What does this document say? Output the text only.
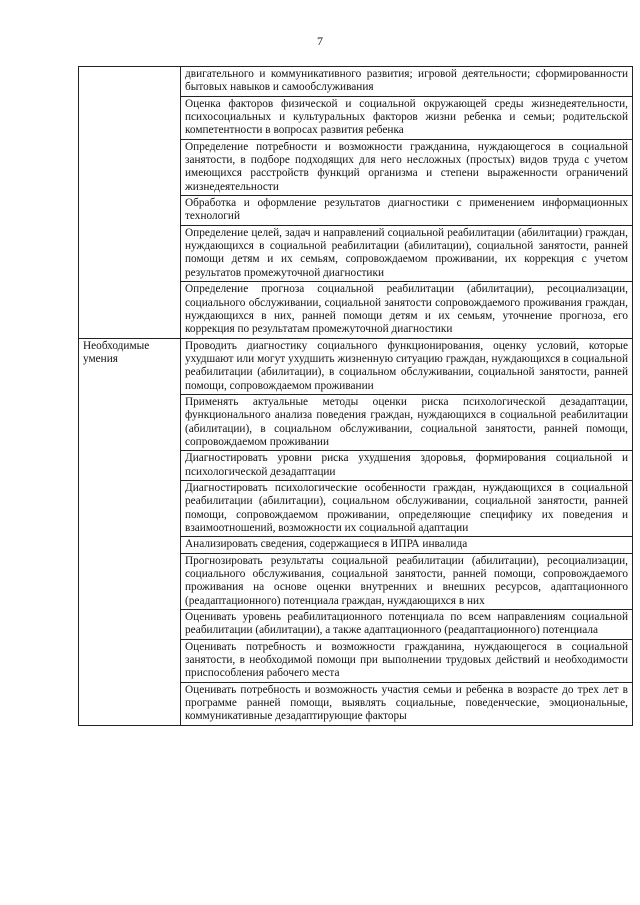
7
	двигательного и коммуникативного развития; игровой деятельности; сформированности бытовых навыков и самообслуживания
	Оценка факторов физической и социальной окружающей среды жизнедеятельности, психосоциальных и культуральных факторов жизни ребенка и семьи; родительской компетентности в вопросах развития ребенка
	Определение потребности и возможности гражданина, нуждающегося в социальной занятости, в подборе подходящих для него несложных (простых) видов труда с учетом имеющихся расстройств функций организма и степени выраженности ограничений жизнедеятельности
	Обработка и оформление результатов диагностики с применением информационных технологий
	Определение целей, задач и направлений социальной реабилитации (абилитации) граждан, нуждающихся в социальной реабилитации (абилитации), социальной занятости, ранней помощи детям и их семьям, сопровождаемом проживании, их коррекция с учетом результатов промежуточной диагностики
	Определение прогноза социальной реабилитации (абилитации), ресоциализации, социального обслуживании, социальной занятости сопровождаемого проживания граждан, нуждающихся в них, ранней помощи детям и их семьям, уточнение прогноза, его коррекция по результатам промежуточной диагностики
Необходимые умения	Проводить диагностику социального функционирования, оценку условий, которые ухудшают или могут ухудшить жизненную ситуацию граждан, нуждающихся в социальной реабилитации (абилитации), в социальном обслуживании, социальной занятости, ранней помощи, сопровождаемом проживании
	Применять актуальные методы оценки риска психологической дезадаптации, функционального анализа поведения граждан, нуждающихся в социальной реабилитации (абилитации), в социальном обслуживании, социальной занятости, ранней помощи, сопровождаемом проживании
	Диагностировать уровни риска ухудшения здоровья, формирования социальной и психологической дезадаптации
	Диагностировать психологические особенности граждан, нуждающихся в социальной реабилитации (абилитации), социальном обслуживании, социальной занятости, ранней помощи, сопровождаемом проживании, определяющие специфику их поведения и взаимоотношений, возможности их социальной адаптации
	Анализировать сведения, содержащиеся в ИПРА инвалида
	Прогнозировать результаты социальной реабилитации (абилитации), ресоциализации, социального обслуживания, социальной занятости, ранней помощи, сопровождаемого проживания на основе оценки внутренних и внешних ресурсов, адаптационного (реадаптационного) потенциала граждан, нуждающихся в них
	Оценивать уровень реабилитационного потенциала по всем направлениям социальной реабилитации (абилитации), а также адаптационного (реадаптационного) потенциала
	Оценивать потребность и возможности гражданина, нуждающегося в социальной занятости, в необходимой помощи при выполнении трудовых действий и необходимости приспособления рабочего места
	Оценивать потребность и возможность участия семьи и ребенка в возрасте до трех лет в программе ранней помощи, выявлять социальные, поведенческие, эмоциональные, коммуникативные дезадаптирующие факторы
